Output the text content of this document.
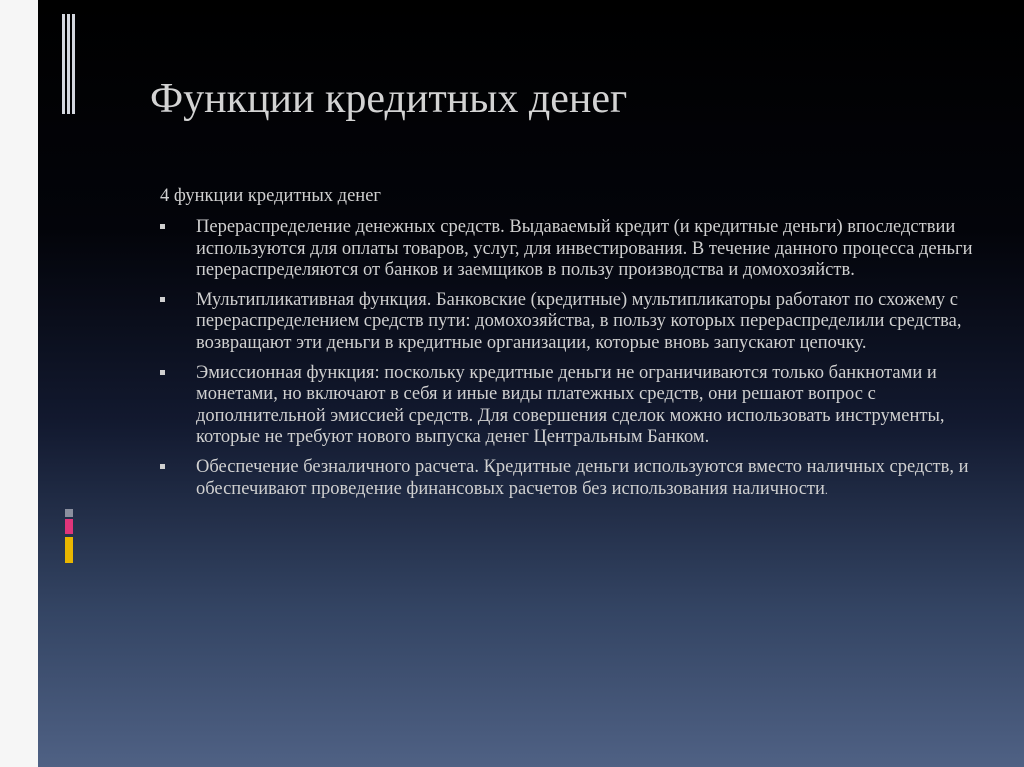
Функции кредитных денег

4 функции кредитных денег

Перераспределение денежных средств. Выдаваемый кредит (и кредитные деньги) впоследствии используются для оплаты товаров, услуг, для инвестирования. В течение данного процесса деньги перераспределяются от банков и заемщиков в пользу производства и домохозяйств.
Мультипликативная функция. Банковские (кредитные) мультипликаторы работают по схожему с перераспределением средств пути: домохозяйства, в пользу которых перераспределили средства, возвращают эти деньги в кредитные организации, которые вновь запускают цепочку.
Эмиссионная функция: поскольку кредитные деньги не ограничиваются только банкнотами и монетами, но включают в себя и иные виды платежных средств, они решают вопрос с дополнительной эмиссией средств. Для совершения сделок можно использовать инструменты, которые не требуют нового выпуска денег Центральным Банком.
Обеспечение безналичного расчета. Кредитные деньги используются вместо наличных средств, и обеспечивают проведение финансовых расчетов без использования наличности.
